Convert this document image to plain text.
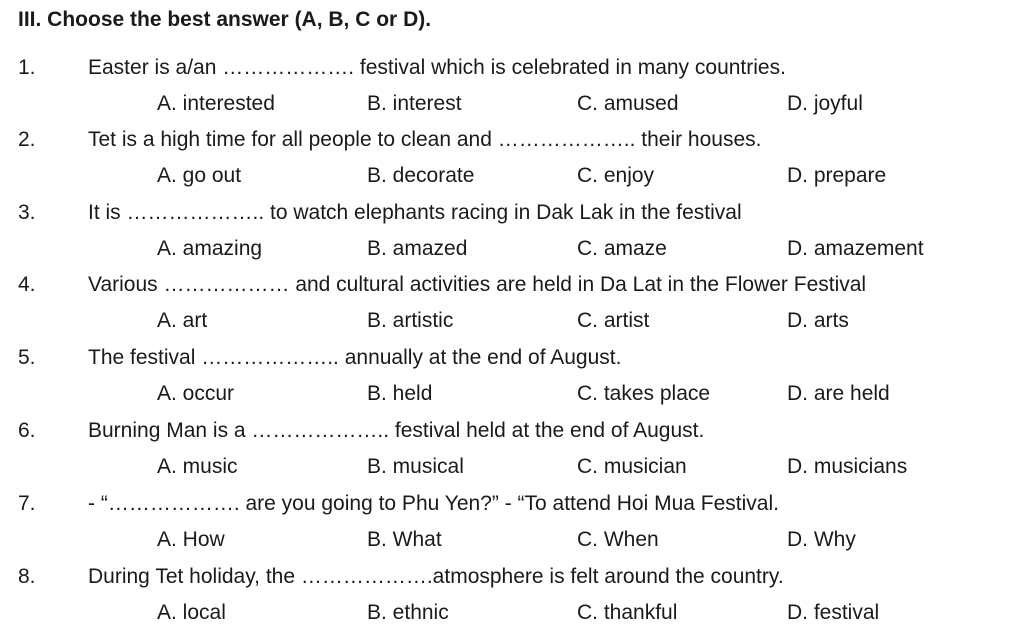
III. Choose the best answer (A, B, C or D).
1. Easter is a/an ………………. festival which is celebrated in many countries.
A. interested	B. interest	C. amused	D. joyful
2. Tet is a high time for all people to clean and ……………….. their houses.
A. go out	B. decorate	C. enjoy	D. prepare
3. It is ……………….. to watch elephants racing in Dak Lak in the festival
A. amazing	B. amazed	C. amaze	D. amazement
4. Various ……………… and cultural activities are held in Da Lat in the Flower Festival
A. art	B. artistic	C. artist	D. arts
5. The festival ……………….. annually at the end of August.
A. occur	B. held	C. takes place	D. are held
6. Burning Man is a ……………….. festival held at the end of August.
A. music	B. musical	C. musician	D. musicians
7. - “………………. are you going to Phu Yen?” - “To attend Hoi Mua Festival.
A. How	B. What	C. When	D. Why
8. During Tet holiday, the ……………….atmosphere is felt around the country.
A. local	B. ethnic	C. thankful	D. festival
